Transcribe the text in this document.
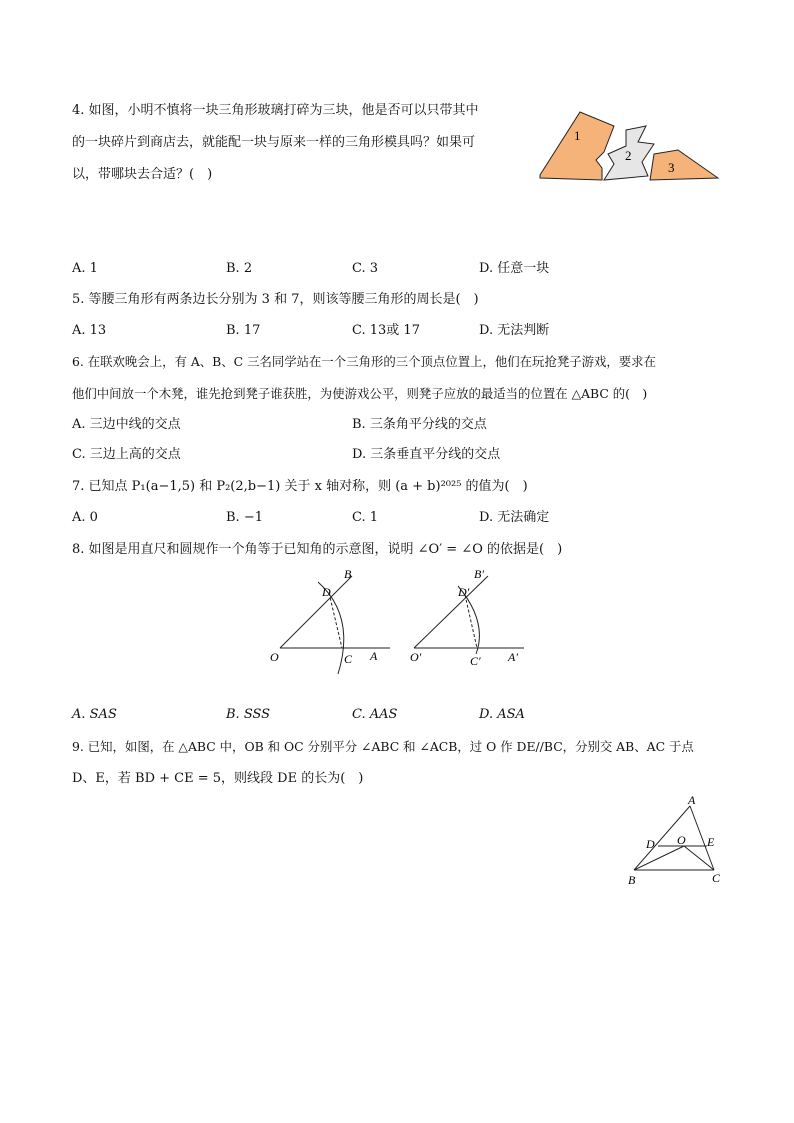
4. 如图，小明不慎将一块三角形玻璃打碎为三块，他是否可以只带其中
的一块碎片到商店去，就能配一块与原来一样的三角形模具吗？如果可
以，带哪块去合适？(　)
1
2
3
A. 1	B. 2	C. 3	D. 任意一块
5. 等腰三角形有两条边长分别为 3 和 7，则该等腰三角形的周长是(　)
A. 13	B. 17	C. 13或 17	D. 无法判断
6. 在联欢晚会上，有 A、B、C 三名同学站在一个三角形的三个顶点位置上，他们在玩抢凳子游戏，要求在
他们中间放一个木凳，谁先抢到凳子谁获胜，为使游戏公平，则凳子应放的最适当的位置在 △ABC 的(　)
A. 三边中线的交点	B. 三条角平分线的交点
C. 三边上高的交点	D. 三条垂直平分线的交点
7. 已知点 P₁(a−1,5) 和 P₂(2,b−1) 关于 x 轴对称，则 (a + b)²⁰²⁵ 的值为(　)
A. 0	B. −1	C. 1	D. 无法确定
8. 如图是用直尺和圆规作一个角等于已知角的示意图，说明 ∠O′ = ∠O 的依据是(　)
O	C A
D
B
O′	C′ A′
D′
B′
A. SAS	B. SSS	C. AAS	D. ASA
9. 已知，如图，在 △ABC 中，OB 和 OC 分别平分 ∠ABC 和 ∠ACB，过 O 作 DE//BC，分别交 AB、AC 于点
D、E，若 BD + CE = 5，则线段 DE 的长为(　)
A
D O E
B	C
